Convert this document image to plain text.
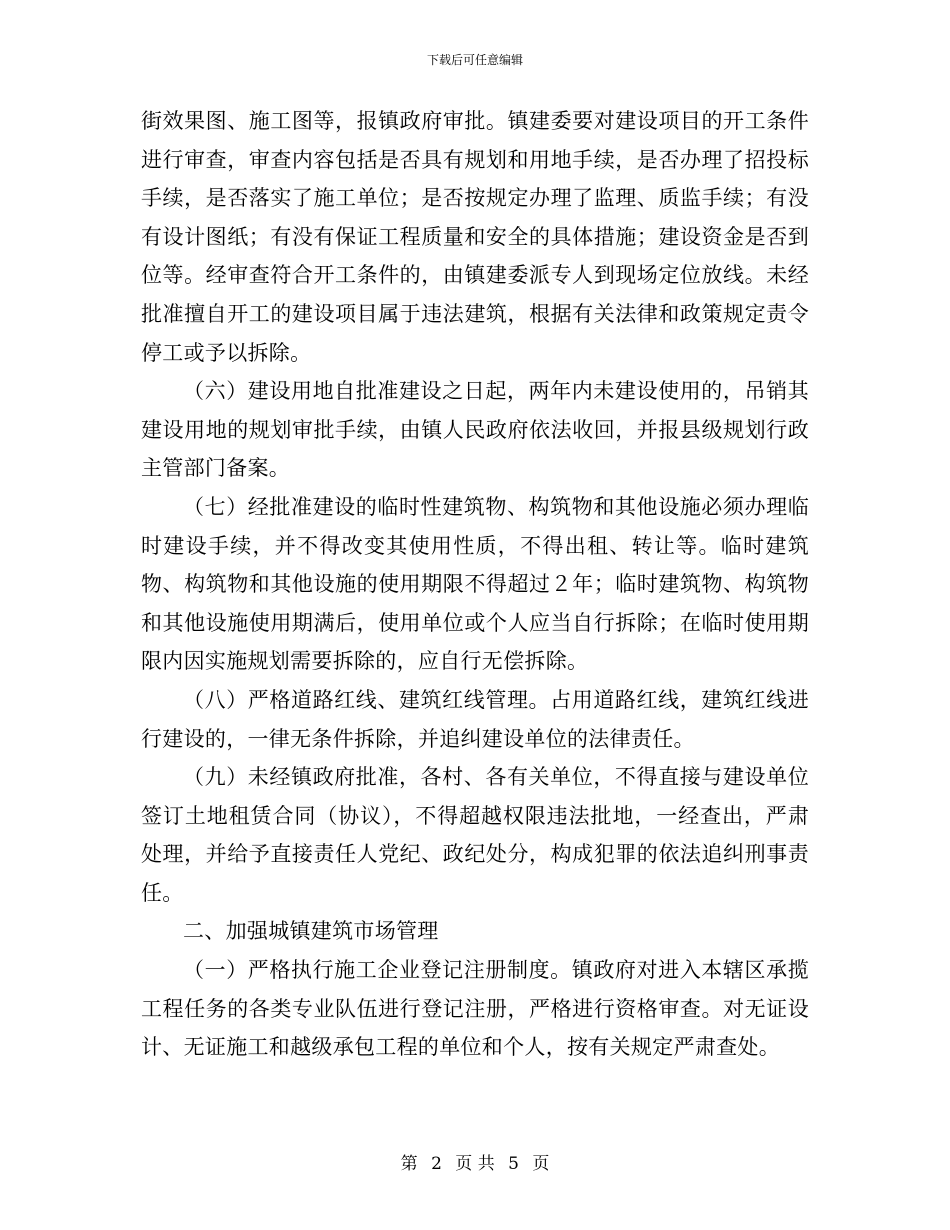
下载后可任意编辑

街效果图、施工图等，报镇政府审批。镇建委要对建设项目的开工条件进行审查，审查内容包括是否具有规划和用地手续，是否办理了招投标手续，是否落实了施工单位；是否按规定办理了监理、质监手续；有没有设计图纸；有没有保证工程质量和安全的具体措施；建设资金是否到位等。经审查符合开工条件的，由镇建委派专人到现场定位放线。未经批准擅自开工的建设项目属于违法建筑，根据有关法律和政策规定责令停工或予以拆除。

（六）建设用地自批准建设之日起，两年内未建设使用的，吊销其建设用地的规划审批手续，由镇人民政府依法收回，并报县级规划行政主管部门备案。

（七）经批准建设的临时性建筑物、构筑物和其他设施必须办理临时建设手续，并不得改变其使用性质，不得出租、转让等。临时建筑物、构筑物和其他设施的使用期限不得超过２年；临时建筑物、构筑物和其他设施使用期满后，使用单位或个人应当自行拆除；在临时使用期限内因实施规划需要拆除的，应自行无偿拆除。

（八）严格道路红线、建筑红线管理。占用道路红线，建筑红线进行建设的，一律无条件拆除，并追纠建设单位的法律责任。

（九）未经镇政府批准，各村、各有关单位，不得直接与建设单位签订土地租赁合同（协议），不得超越权限违法批地，一经查出，严肃处理，并给予直接责任人党纪、政纪处分，构成犯罪的依法追纠刑事责任。

二、加强城镇建筑市场管理

（一）严格执行施工企业登记注册制度。镇政府对进入本辖区承揽工程任务的各类专业队伍进行登记注册，严格进行资格审查。对无证设计、无证施工和越级承包工程的单位和个人，按有关规定严肃查处。

第 2 页 共 5 页
